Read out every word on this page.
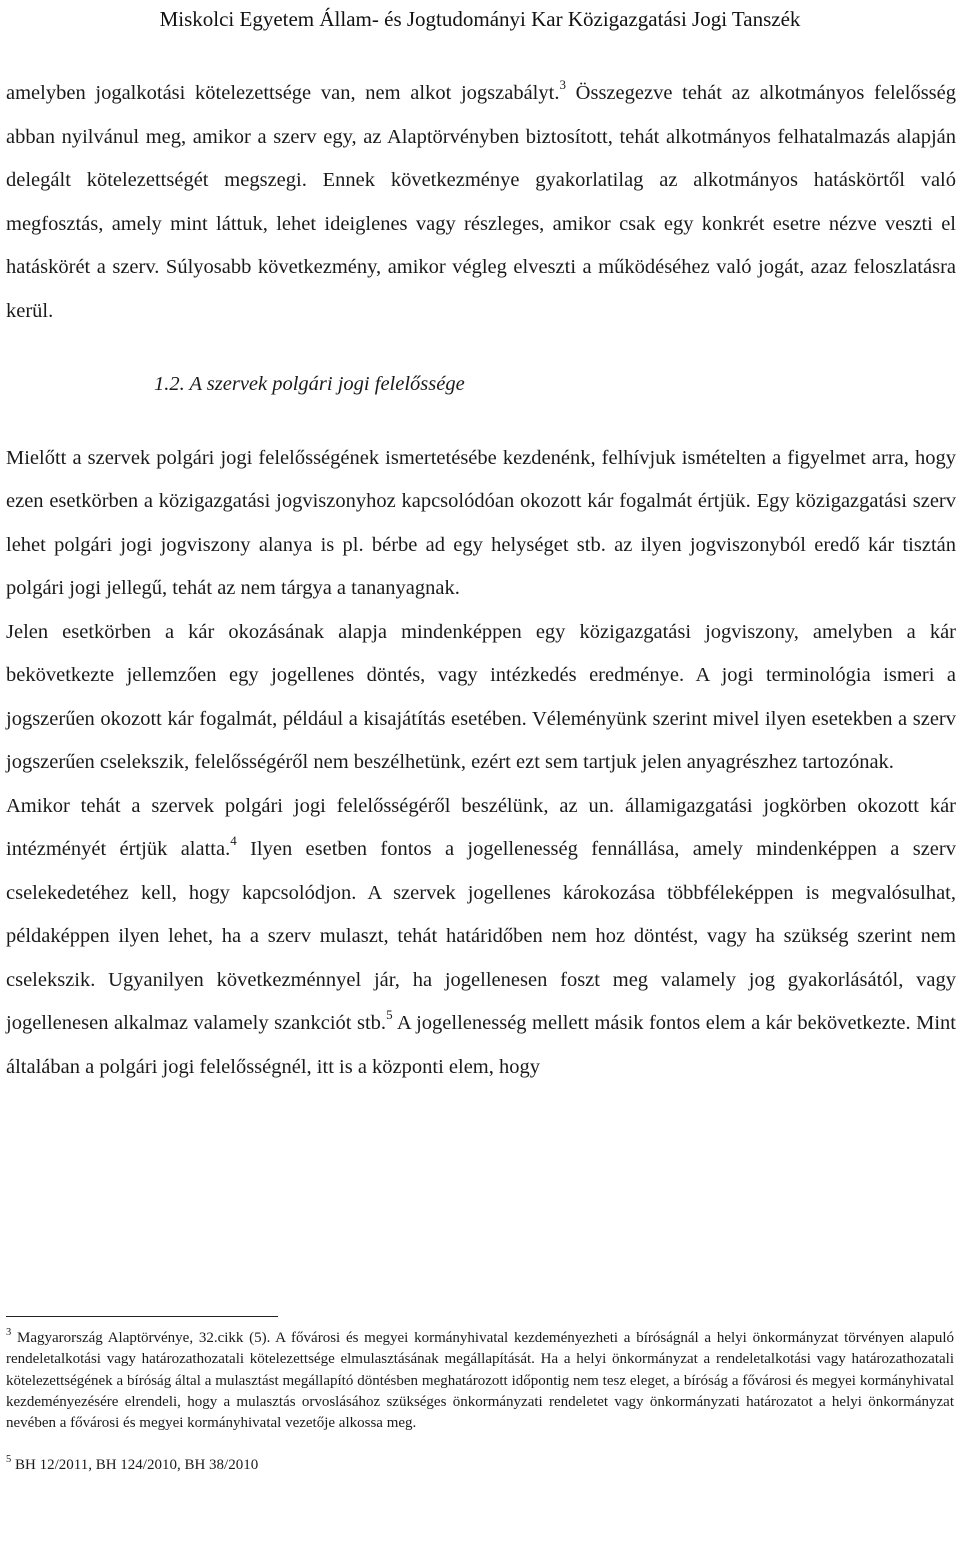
Miskolci Egyetem Állam- és Jogtudományi Kar Közigazgatási Jogi Tanszék

amelyben jogalkotási kötelezettsége van, nem alkot jogszabályt.$^3$ Összegezve tehát az alkotmányos felelősség abban nyilvánul meg, amikor a szerv egy, az Alaptörvényben biztosított, tehát alkotmányos felhatalmazás alapján delegált kötelezettségét megszegi. Ennek következménye gyakorlatilag az alkotmányos hatáskörtől való megfosztás, amely mint láttuk, lehet ideiglenes vagy részleges, amikor csak egy konkrét esetre nézve veszti el hatáskörét a szerv. Súlyosabb következmény, amikor végleg elveszti a működéséhez való jogát, azaz feloszlatásra kerül.

1.2. A szervek polgári jogi felelőssége

Mielőtt a szervek polgári jogi felelősségének ismertetésébe kezdenénk, felhívjuk ismételten a figyelmet arra, hogy ezen esetkörben a közigazgatási jogviszonyhoz kapcsolódóan okozott kár fogalmát értjük. Egy közigazgatási szerv lehet polgári jogi jogviszony alanya is pl. bérbe ad egy helységet stb. az ilyen jogviszonyból eredő kár tisztán polgári jogi jellegű, tehát az nem tárgya a tananyagnak.

Jelen esetkörben a kár okozásának alapja mindenképpen egy közigazgatási jogviszony, amelyben a kár bekövetkezte jellemzően egy jogellenes döntés, vagy intézkedés eredménye. A jogi terminológia ismeri a jogszerűen okozott kár fogalmát, például a kisajátítás esetében. Véleményünk szerint mivel ilyen esetekben a szerv jogszerűen cselekszik, felelősségéről nem beszélhetünk, ezért ezt sem tartjuk jelen anyagrészhez tartozónak.

Amikor tehát a szervek polgári jogi felelősségéről beszélünk, az un. államigazgatási jogkörben okozott kár intézményét értjük alatta.$^4$ Ilyen esetben fontos a jogellenesség fennállása, amely mindenképpen a szerv cselekedetéhez kell, hogy kapcsolódjon. A szervek jogellenes károkozása többféleképpen is megvalósulhat, példaképpen ilyen lehet, ha a szerv mulaszt, tehát határidőben nem hoz döntést, vagy ha szükség szerint nem cselekszik. Ugyanilyen következménnyel jár, ha jogellenesen foszt meg valamely jog gyakorlásától, vagy jogellenesen alkalmaz valamely szankciót stb.$^5$ A jogellenesség mellett másik fontos elem a kár bekövetkezte. Mint általában a polgári jogi felelősségnél, itt is a központi elem, hogy

$^3$ Magyarország Alaptörvénye, 32.cikk (5). A fővárosi és megyei kormányhivatal kezdeményezheti a bíróságnál a helyi önkormányzat törvényen alapuló rendeletalkotási vagy határozathozatali kötelezettsége elmulasztásának megállapítását. Ha a helyi önkormányzat a rendeletalkotási vagy határozathozatali kötelezettségének a bíróság által a mulasztást megállapító döntésben meghatározott időpontig nem tesz eleget, a bíróság a fővárosi és megyei kormányhivatal kezdeményezésére elrendeli, hogy a mulasztás orvoslásához szükséges önkormányzati rendeletet vagy önkormányzati határozatot a helyi önkormányzat nevében a fővárosi és megyei kormányhivatal vezetője alkossa meg.

$^5$ BH 12/2011, BH 124/2010, BH 38/2010
